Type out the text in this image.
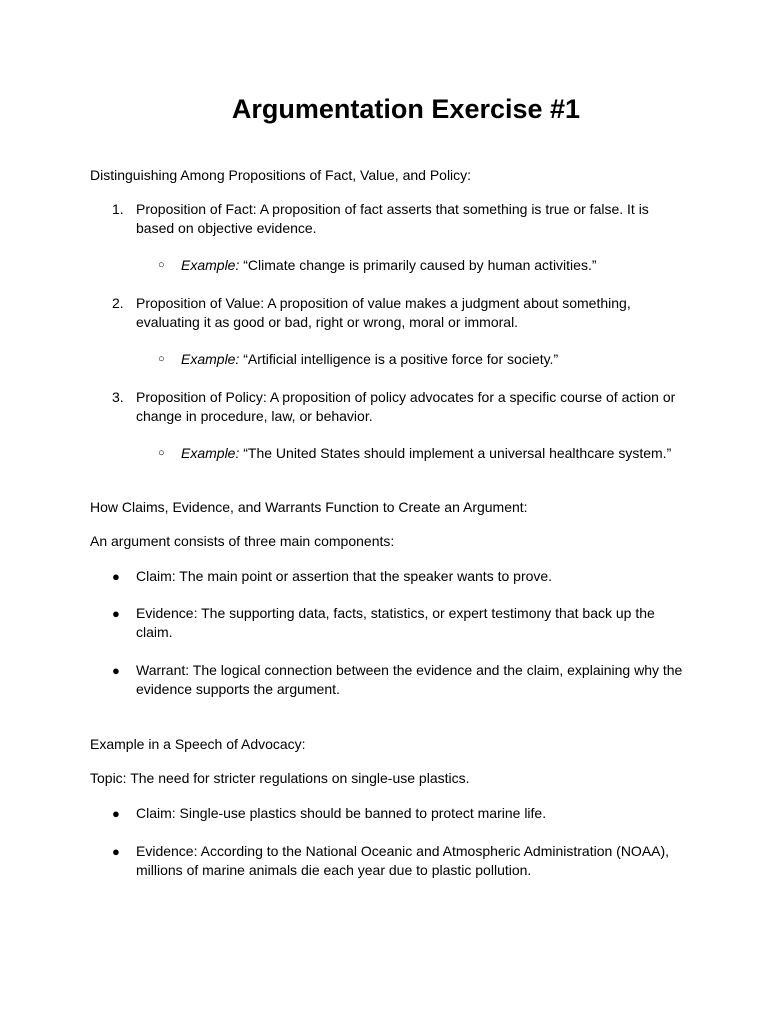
Argumentation Exercise #1
Distinguishing Among Propositions of Fact, Value, and Policy:
1. Proposition of Fact: A proposition of fact asserts that something is true or false. It is
based on objective evidence.
○ Example: “Climate change is primarily caused by human activities.”
2. Proposition of Value: A proposition of value makes a judgment about something,
evaluating it as good or bad, right or wrong, moral or immoral.
○ Example: “Artificial intelligence is a positive force for society.”
3. Proposition of Policy: A proposition of policy advocates for a specific course of action or
change in procedure, law, or behavior.
○ Example: “The United States should implement a universal healthcare system.”
How Claims, Evidence, and Warrants Function to Create an Argument:
An argument consists of three main components:
● Claim: The main point or assertion that the speaker wants to prove.
● Evidence: The supporting data, facts, statistics, or expert testimony that back up the
claim.
● Warrant: The logical connection between the evidence and the claim, explaining why the
evidence supports the argument.
Example in a Speech of Advocacy:
Topic: The need for stricter regulations on single-use plastics.
● Claim: Single-use plastics should be banned to protect marine life.
● Evidence: According to the National Oceanic and Atmospheric Administration (NOAA),
millions of marine animals die each year due to plastic pollution.
